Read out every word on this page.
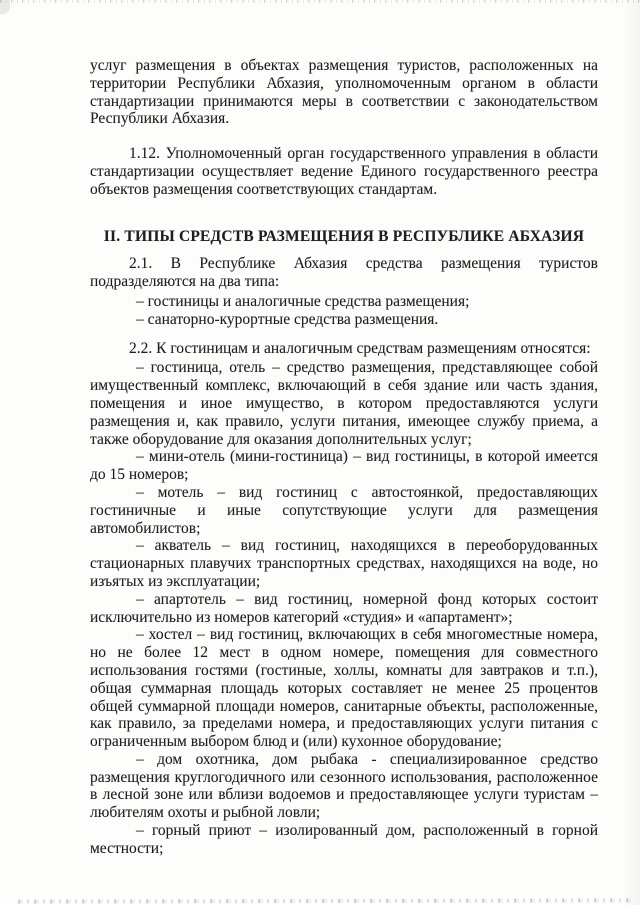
услуг размещения в объектах размещения туристов, расположенных на территории Республики Абхазия, уполномоченным органом в области стандартизации принимаются меры в соответствии с законодательством Республики Абхазия.
1.12. Уполномоченный орган государственного управления в области стандартизации осуществляет ведение Единого государственного реестра объектов размещения соответствующих стандартам.
II. ТИПЫ СРЕДСТВ РАЗМЕЩЕНИЯ В РЕСПУБЛИКЕ АБХАЗИЯ
2.1. В Республике Абхазия средства размещения туристов подразделяются на два типа:
– гостиницы и аналогичные средства размещения;
– санаторно-курортные средства размещения.
2.2. К гостиницам и аналогичным средствам размещениям относятся:
– гостиница, отель – средство размещения, представляющее собой имущественный комплекс, включающий в себя здание или часть здания, помещения и иное имущество, в котором предоставляются услуги размещения и, как правило, услуги питания, имеющее службу приема, а также оборудование для оказания дополнительных услуг;
– мини-отель (мини-гостиница) – вид гостиницы, в которой имеется до 15 номеров;
– мотель – вид гостиниц с автостоянкой, предоставляющих гостиничные и иные сопутствующие услуги для размещения автомобилистов;
– акватель – вид гостиниц, находящихся в переоборудованных стационарных плавучих транспортных средствах, находящихся на воде, но изъятых из эксплуатации;
– апартотель – вид гостиниц, номерной фонд которых состоит исключительно из номеров категорий «студия» и «апартамент»;
– хостел – вид гостиниц, включающих в себя многоместные номера, но не более 12 мест в одном номере, помещения для совместного использования гостями (гостиные, холлы, комнаты для завтраков и т.п.), общая суммарная площадь которых составляет не менее 25 процентов общей суммарной площади номеров, санитарные объекты, расположенные, как правило, за пределами номера, и предоставляющих услуги питания с ограниченным выбором блюд и (или) кухонное оборудование;
– дом охотника, дом рыбака - специализированное средство размещения круглогодичного или сезонного использования, расположенное в лесной зоне или вблизи водоемов и предоставляющее услуги туристам – любителям охоты и рыбной ловли;
– горный приют – изолированный дом, расположенный в горной местности;
